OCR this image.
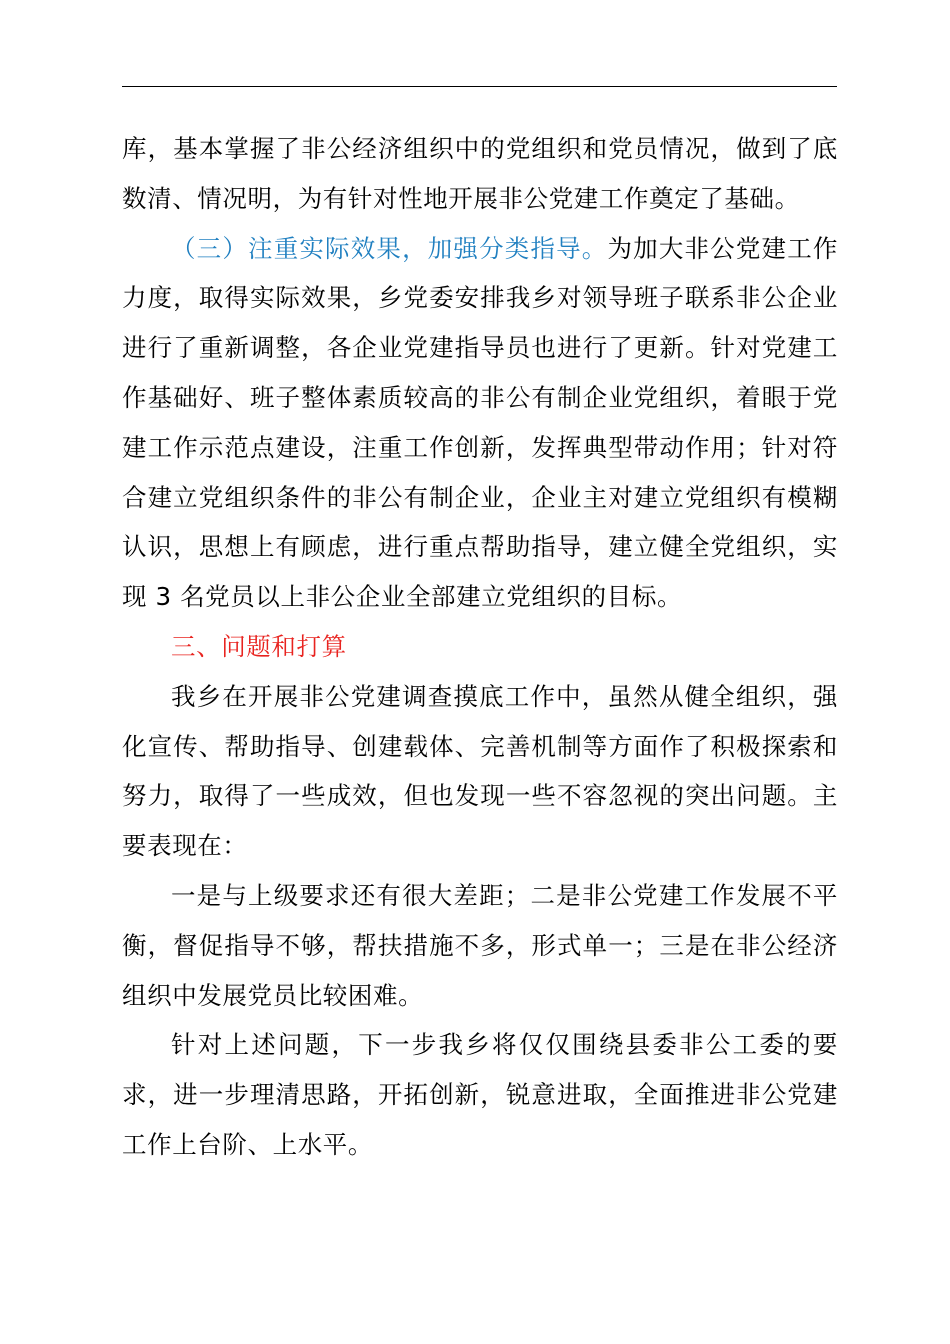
库，基本掌握了非公经济组织中的党组织和党员情况，做到了底数清、情况明，为有针对性地开展非公党建工作奠定了基础。

（三）注重实际效果，加强分类指导。为加大非公党建工作力度，取得实际效果，乡党委安排我乡对领导班子联系非公企业进行了重新调整，各企业党建指导员也进行了更新。针对党建工作基础好、班子整体素质较高的非公有制企业党组织，着眼于党建工作示范点建设，注重工作创新，发挥典型带动作用；针对符合建立党组织条件的非公有制企业，企业主对建立党组织有模糊认识，思想上有顾虑，进行重点帮助指导，建立健全党组织，实现 3 名党员以上非公企业全部建立党组织的目标。

三、问题和打算

我乡在开展非公党建调查摸底工作中，虽然从健全组织，强化宣传、帮助指导、创建载体、完善机制等方面作了积极探索和努力，取得了一些成效，但也发现一些不容忽视的突出问题。主要表现在：

一是与上级要求还有很大差距；二是非公党建工作发展不平衡，督促指导不够，帮扶措施不多，形式单一；三是在非公经济组织中发展党员比较困难。

针对上述问题，下一步我乡将仅仅围绕县委非公工委的要求，进一步理清思路，开拓创新，锐意进取，全面推进非公党建工作上台阶、上水平。
